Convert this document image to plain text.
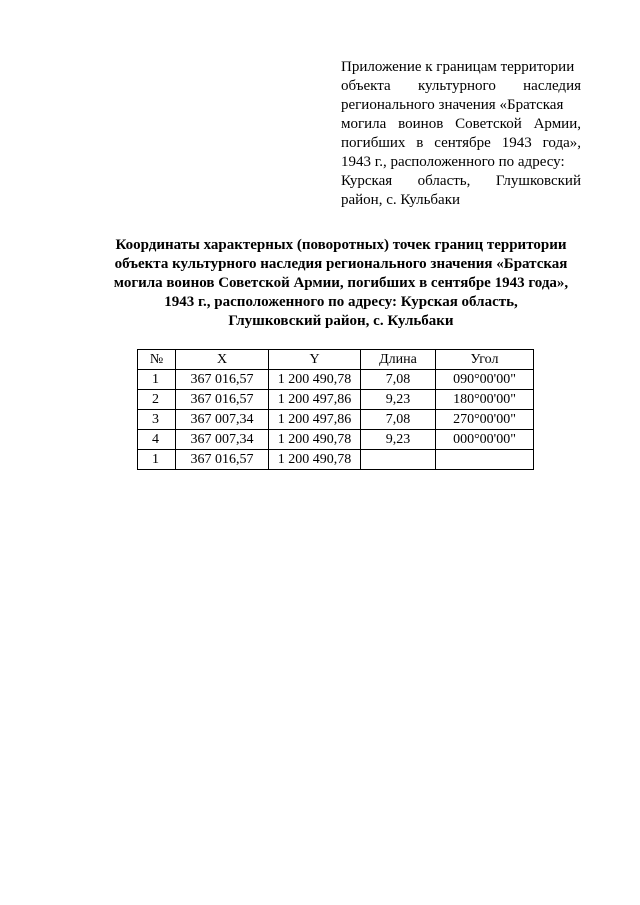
Приложение к границам территории
объекта культурного наследия
регионального значения «Братская
могила воинов Советской Армии,
погибших в сентябре 1943 года»,
1943 г., расположенного по адресу:
Курская область, Глушковский
район, с. Кульбаки
Координаты характерных (поворотных) точек границ территории
объекта культурного наследия регионального значения «Братская
могила воинов Советской Армии, погибших в сентябре 1943 года»,
1943 г., расположенного по адресу: Курская область,
Глушковский район, с. Кульбаки
№	X	Y	Длина	Угол
1	367 016,57	1 200 490,78	7,08	090°00'00"
2	367 016,57	1 200 497,86	9,23	180°00'00"
3	367 007,34	1 200 497,86	7,08	270°00'00"
4	367 007,34	1 200 490,78	9,23	000°00'00"
1	367 016,57	1 200 490,78		
